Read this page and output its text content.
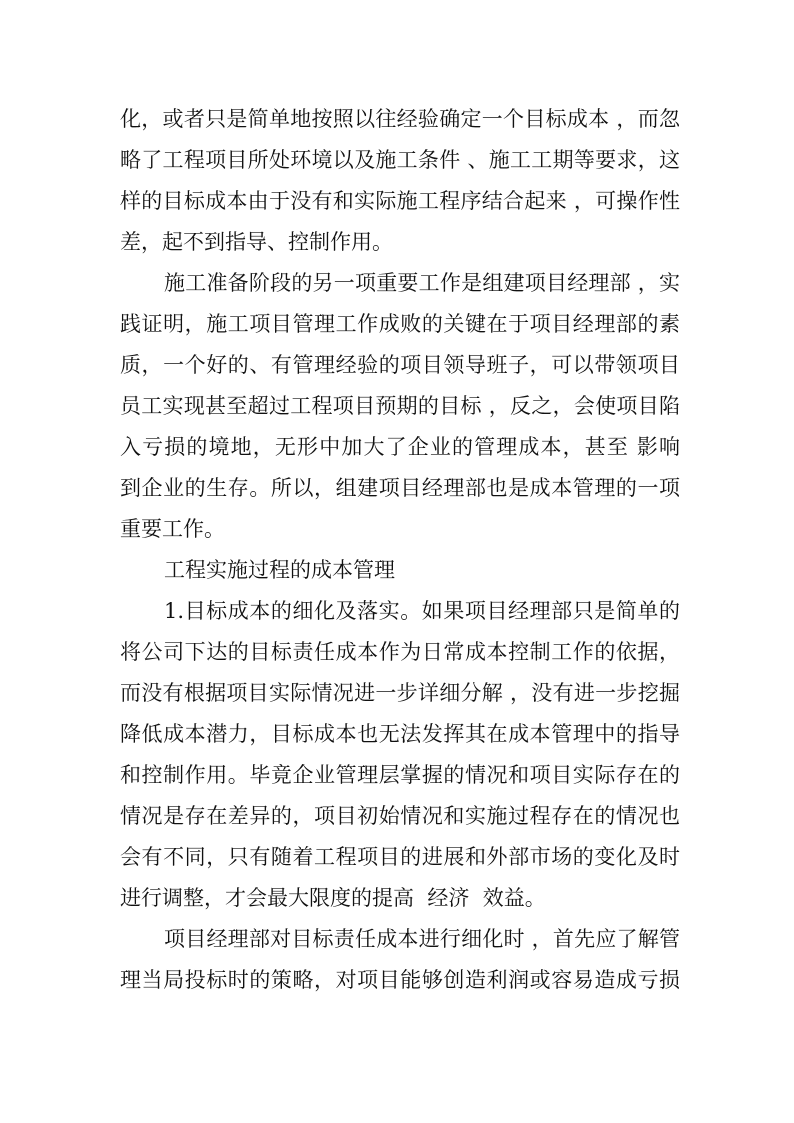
化，或者只是简单地按照以往经验确定一个目标成本 ，而忽

略了工程项目所处环境以及施工条件 、施工工期等要求，这

样的目标成本由于没有和实际施工程序结合起来 ，可操作性

差，起不到指导、控制作用。

施工准备阶段的另一项重要工作是组建项目经理部 ，实

践证明，施工项目管理工作成败的关键在于项目经理部的素

质，一个好的、有管理经验的项目领导班子，可以带领项目

员工实现甚至超过工程项目预期的目标 ，反之，会使项目陷

入亏损的境地，无形中加大了企业的管理成本，甚至 影响

到企业的生存。所以，组建项目经理部也是成本管理的一项

重要工作。

工程实施过程的成本管理

1.目标成本的细化及落实。如果项目经理部只是简单的

将公司下达的目标责任成本作为日常成本控制工作的依据，

而没有根据项目实际情况进一步详细分解 ，没有进一步挖掘

降低成本潜力，目标成本也无法发挥其在成本管理中的指导

和控制作用。毕竟企业管理层掌握的情况和项目实际存在的

情况是存在差异的，项目初始情况和实施过程存在的情况也

会有不同，只有随着工程项目的进展和外部市场的变化及时

进行调整，才会最大限度的提高  经济  效益。

项目经理部对目标责任成本进行细化时 ，首先应了解管

理当局投标时的策略，对项目能够创造利润或容易造成亏损
